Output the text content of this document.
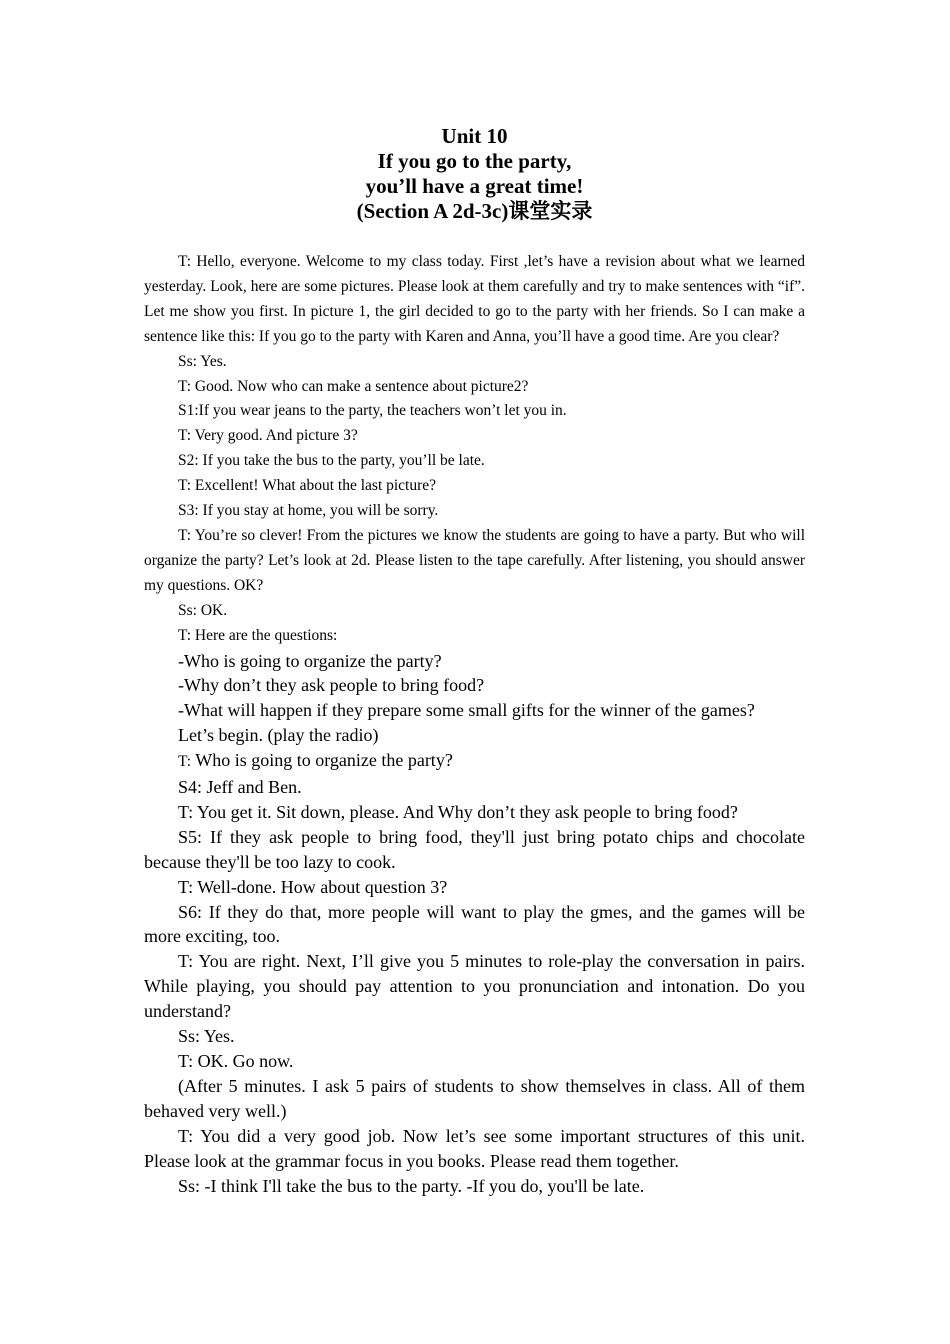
Unit 10
If you go to the party,
you’ll have a great time!
(Section A 2d-3c)课堂实录

T: Hello, everyone. Welcome to my class today. First ,let’s have a revision about what we learned yesterday. Look, here are some pictures. Please look at them carefully and try to make sentences with “if”. Let me show you first. In picture 1, the girl decided to go to the party with her friends. So I can make a sentence like this: If you go to the party with Karen and Anna, you’ll have a good time. Are you clear?

Ss: Yes.

T: Good. Now who can make a sentence about picture2?

S1:If you wear jeans to the party, the teachers won’t let you in.

T: Very good. And picture 3?

S2: If you take the bus to the party, you’ll be late.

T: Excellent! What about the last picture?

S3: If you stay at home, you will be sorry.

T: You’re so clever! From the pictures we know the students are going to have a party. But who will organize the party? Let’s look at 2d. Please listen to the tape carefully. After listening, you should answer my questions. OK?

Ss: OK.

T: Here are the questions:

-Who is going to organize the party?

-Why don’t they ask people to bring food?

-What will happen if they prepare some small gifts for the winner of the games?

Let’s begin. (play the radio)

T: Who is going to organize the party?

S4: Jeff and Ben.

T: You get it. Sit down, please. And Why don’t they ask people to bring food?

S5: If they ask people to bring food, they'll just bring potato chips and chocolate because they'll be too lazy to cook.

T: Well-done. How about question 3?

S6: If they do that, more people will want to play the gmes, and the games will be more exciting, too.

T: You are right. Next, I’ll give you 5 minutes to role-play the conversation in pairs. While playing, you should pay attention to you pronunciation and intonation. Do you understand?

Ss: Yes.

T: OK. Go now.

(After 5 minutes. I ask 5 pairs of students to show themselves in class. All of them behaved very well.)

T: You did a very good job. Now let’s see some important structures of this unit. Please look at the grammar focus in you books. Please read them together.

Ss: -I think I'll take the bus to the party. -If you do, you'll be late.
